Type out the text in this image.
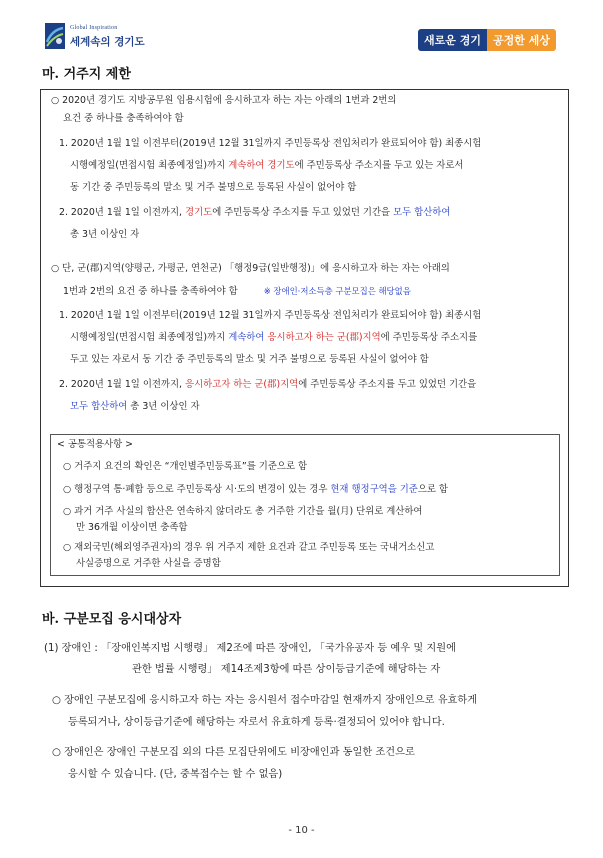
Global Inspiration
세계속의 경기도	새로운 경기	공정한 세상
마. 거주지 제한
○ 2020년 경기도 지방공무원 임용시험에 응시하고자 하는 자는 아래의 1번과 2번의
요건 중 하나를 충족하여야 함
1. 2020년 1월 1일 이전부터(2019년 12월 31일까지 주민등록상 전입처리가 완료되어야 함) 최종시험
시행예정일(면접시험 최종예정일)까지 계속하여 경기도에 주민등록상 주소지를 두고 있는 자로서
동 기간 중 주민등록의 말소 및 거주 불명으로 등록된 사실이 없어야 함
2. 2020년 1월 1일 이전까지, 경기도에 주민등록상 주소지를 두고 있었던 기간을 모두 합산하여
총 3년 이상인 자
○ 단, 군(郡)지역(양평군, 가평군, 연천군) 「행정9급(일반행정)」에 응시하고자 하는 자는 아래의
1번과 2번의 요건 중 하나를 충족하여야 함	※ 장애인·저소득층 구분모집은 해당없음
1. 2020년 1월 1일 이전부터(2019년 12월 31일까지 주민등록상 전입처리가 완료되어야 함) 최종시험
시행예정일(면접시험 최종예정일)까지 계속하여 응시하고자 하는 군(郡)지역에 주민등록상 주소지를
두고 있는 자로서 동 기간 중 주민등록의 말소 및 거주 불명으로 등록된 사실이 없어야 함
2. 2020년 1월 1일 이전까지, 응시하고자 하는 군(郡)지역에 주민등록상 주소지를 두고 있었던 기간을
모두 합산하여 총 3년 이상인 자
< 공통적용사항 >
○ 거주지 요건의 확인은 “개인별주민등록표”를 기준으로 함
○ 행정구역 통·폐합 등으로 주민등록상 시·도의 변경이 있는 경우 현재 행정구역을 기준으로 함
○ 과거 거주 사실의 합산은 연속하지 않더라도 총 거주한 기간을 월(月) 단위로 계산하여
만 36개월 이상이면 충족함
○ 재외국민(해외영주권자)의 경우 위 거주지 제한 요건과 같고 주민등록 또는 국내거소신고
사실증명으로 거주한 사실을 증명함
바. 구분모집 응시대상자
(1) 장애인 : 「장애인복지법 시행령」 제2조에 따른 장애인, 「국가유공자 등 예우 및 지원에
관한 법률 시행령」 제14조제3항에 따른 상이등급기준에 해당하는 자
○ 장애인 구분모집에 응시하고자 하는 자는 응시원서 접수마감일 현재까지 장애인으로 유효하게
등록되거나, 상이등급기준에 해당하는 자로서 유효하게 등록·결정되어 있어야 합니다.
○ 장애인은 장애인 구분모집 외의 다른 모집단위에도 비장애인과 동일한 조건으로
응시할 수 있습니다. (단, 중복접수는 할 수 없음)
- 10 -
